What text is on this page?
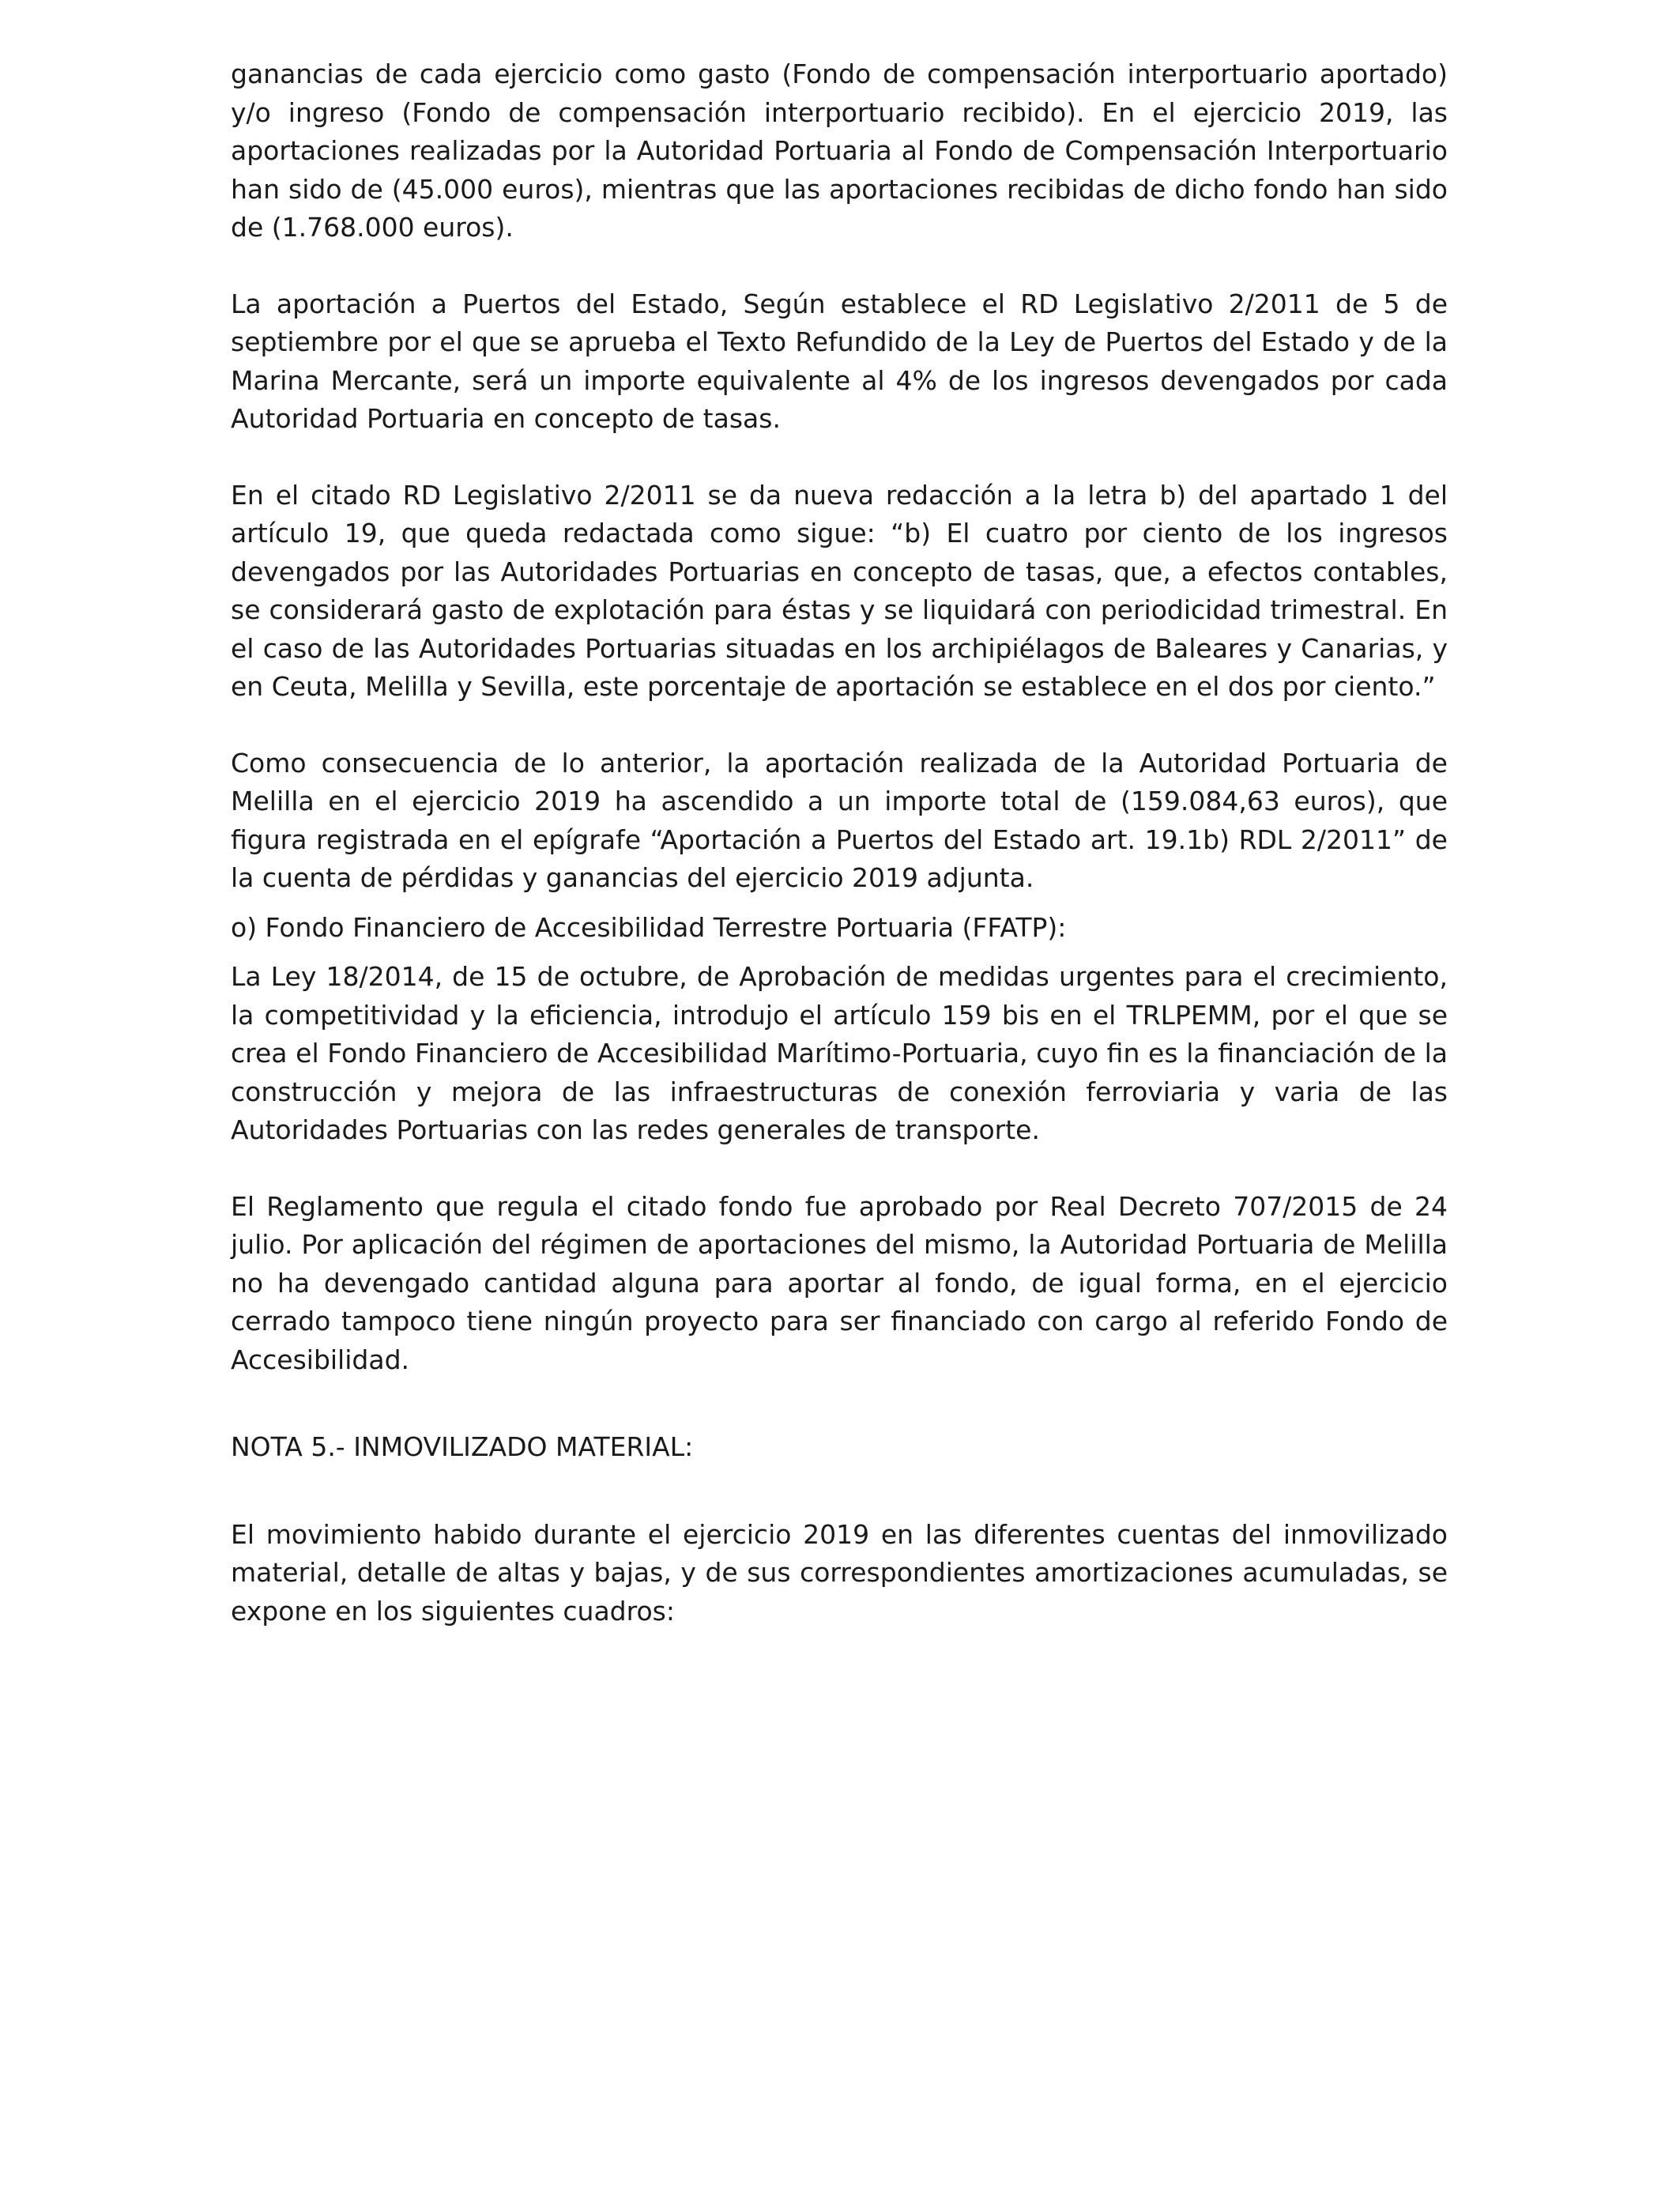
ganancias de cada ejercicio como gasto (Fondo de compensación interportuario aportado) y/o ingreso (Fondo de compensación interportuario recibido). En el ejercicio 2019, las aportaciones realizadas por la Autoridad Portuaria al Fondo de Compensación Interportuario han sido de (45.000 euros), mientras que las aportaciones recibidas de dicho fondo han sido de (1.768.000 euros).

La aportación a Puertos del Estado, Según establece el RD Legislativo 2/2011 de 5 de septiembre por el que se aprueba el Texto Refundido de la Ley de Puertos del Estado y de la Marina Mercante, será un importe equivalente al 4% de los ingresos devengados por cada Autoridad Portuaria en concepto de tasas.

En el citado RD Legislativo 2/2011 se da nueva redacción a la letra b) del apartado 1 del artículo 19, que queda redactada como sigue: “b) El cuatro por ciento de los ingresos devengados por las Autoridades Portuarias en concepto de tasas, que, a efectos contables, se considerará gasto de explotación para éstas y se liquidará con periodicidad trimestral. En el caso de las Autoridades Portuarias situadas en los archipiélagos de Baleares y Canarias, y en Ceuta, Melilla y Sevilla, este porcentaje de aportación se establece en el dos por ciento.”

Como consecuencia de lo anterior, la aportación realizada de la Autoridad Portuaria de Melilla en el ejercicio 2019 ha ascendido a un importe total de (159.084,63 euros), que figura registrada en el epígrafe “Aportación a Puertos del Estado art. 19.1b) RDL 2/2011” de la cuenta de pérdidas y ganancias del ejercicio 2019 adjunta.

o) Fondo Financiero de Accesibilidad Terrestre Portuaria (FFATP):

La Ley 18/2014, de 15 de octubre, de Aprobación de medidas urgentes para el crecimiento, la competitividad y la eficiencia, introdujo el artículo 159 bis en el TRLPEMM, por el que se crea el Fondo Financiero de Accesibilidad Marítimo-Portuaria, cuyo fin es la financiación de la construcción y mejora de las infraestructuras de conexión ferroviaria y varia de las Autoridades Portuarias con las redes generales de transporte.

El Reglamento que regula el citado fondo fue aprobado por Real Decreto 707/2015 de 24 julio. Por aplicación del régimen de aportaciones del mismo, la Autoridad Portuaria de Melilla no ha devengado cantidad alguna para aportar al fondo, de igual forma, en el ejercicio cerrado tampoco tiene ningún proyecto para ser financiado con cargo al referido Fondo de Accesibilidad.

NOTA 5.- INMOVILIZADO MATERIAL:

El movimiento habido durante el ejercicio 2019 en las diferentes cuentas del inmovilizado material, detalle de altas y bajas, y de sus correspondientes amortizaciones acumuladas, se expone en los siguientes cuadros:
